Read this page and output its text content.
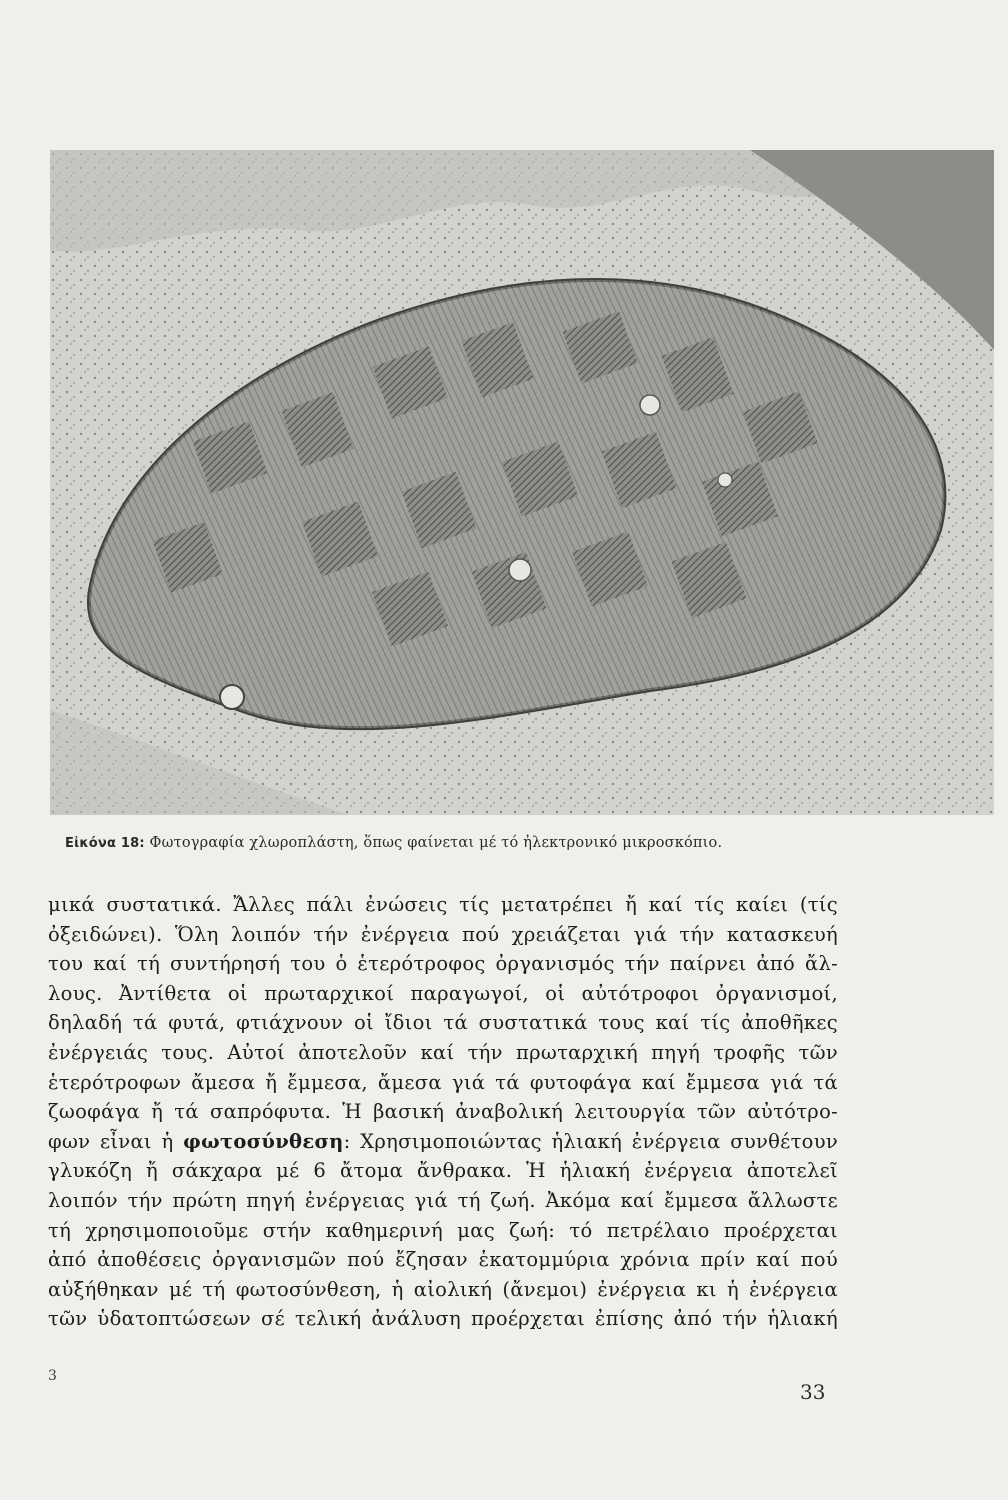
Εἰκόνα 18: Φωτογραφία χλωροπλάστη, ὅπως φαίνεται μέ τό ἠλεκτρονικό μικροσκόπιο.
μικά συστατικά. Ἄλλες πάλι ἐνώσεις τίς μετατρέπει ἤ καί τίς καίει (τίς
ὀξειδώνει). Ὅλη λοιπόν τήν ἐνέργεια πού χρειάζεται γιά τήν κατασκευή
του καί τή συντήρησή του ὁ ἑτερότροφος ὀργανισμός τήν παίρνει ἀπό ἄλ-
λους. Ἀντίθετα οἱ πρωταρχικοί παραγωγοί, οἱ αὐτότροφοι ὀργανισμοί,
δηλαδή τά φυτά, φτιάχνουν οἱ ἴδιοι τά συστατικά τους καί τίς ἀποθῆκες
ἐνέργειάς τους. Αὐτοί ἀποτελοῦν καί τήν πρωταρχική πηγή τροφῆς τῶν
ἑτερότροφων ἄμεσα ἤ ἔμμεσα, ἄμεσα γιά τά φυτοφάγα καί ἔμμεσα γιά τά
ζωοφάγα ἤ τά σαπρόφυτα. Ἡ βασική ἀναβολική λειτουργία τῶν αὐτότρο-
φων εἶναι ἡ φωτοσύνθεση: Χρησιμοποιώντας ἡλιακή ἐνέργεια συνθέτουν
γλυκόζη ἤ σάκχαρα μέ 6 ἄτομα ἄνθρακα. Ἡ ἡλιακή ἐνέργεια ἀποτελεῖ
λοιπόν τήν πρώτη πηγή ἐνέργειας γιά τή ζωή. Ἀκόμα καί ἔμμεσα ἄλλωστε
τή χρησιμοποιοῦμε στήν καθημερινή μας ζωή: τό πετρέλαιο προέρχεται
ἀπό ἀποθέσεις ὀργανισμῶν πού ἔζησαν ἑκατομμύρια χρόνια πρίν καί πού
αὐξήθηκαν μέ τή φωτοσύνθεση, ἡ αἰολική (ἄνεμοι) ἐνέργεια κι ἡ ἐνέργεια
τῶν ὑδατοπτώσεων σέ τελική ἀνάλυση προέρχεται ἐπίσης ἀπό τήν ἡλιακή
3
33
